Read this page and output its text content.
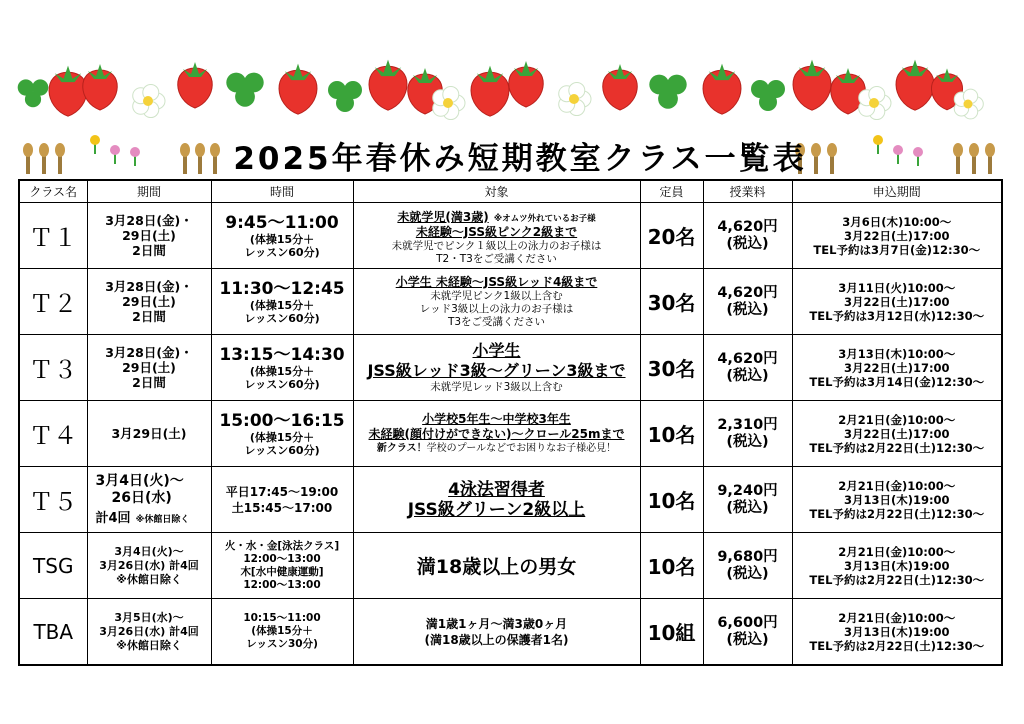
2025年春休み短期教室クラス一覧表
クラス名	期間	時間	対象	定員	授業料	申込期間
Ｔ１	3月28日(金)・
29日(土)
2日間	9:45～11:00
(体操15分＋
レッスン60分)	未就学児(満3歳) ※オムツ外れているお子様
未経験～JSS級ピンク2級まで
未就学児でピンク１級以上の泳力のお子様は
T2・T3をご受講ください	20名	4,620円
(税込)	3月6日(木)10:00～
3月22日(土)17:00
TEL予約は3月7日(金)12:30～

Ｔ２	3月28日(金)・
29日(土)
2日間	11:30～12:45
(体操15分＋
レッスン60分)	小学生 未経験～JSS級レッド4級まで
未就学児ピンク1級以上含む
レッド3級以上の泳力のお子様は
T3をご受講ください	30名	4,620円
(税込)	3月11日(火)10:00～
3月22日(土)17:00
TEL予約は3月12日(水)12:30～

Ｔ３	3月28日(金)・
29日(土)
2日間	13:15～14:30
(体操15分＋
レッスン60分)	小学生
JSS級レッド3級～グリーン3級まで
未就学児レッド3級以上含む	30名	4,620円
(税込)	3月13日(木)10:00～
3月22日(土)17:00
TEL予約は3月14日(金)12:30～

Ｔ４	3月29日(土)	15:00～16:15
(体操15分＋
レッスン60分)	小学校5年生～中学校3年生
未経験(顔付けができない)～クロール25mまで
新クラス！学校のプールなどでお困りなお子様必見！	10名	2,310円
(税込)	2月21日(金)10:00～
3月22日(土)17:00
TEL予約は2月22日(土)12:30～

Ｔ５	3月4日(火)～
26日(水)
計4回 ※休館日除く	平日17:45～19:00
土15:45～17:00	4泳法習得者
JSS級グリーン2級以上	10名	9,240円
(税込)	2月21日(金)10:00～
3月13日(木)19:00
TEL予約は2月22日(土)12:30～

TSG	3月4日(火)～
3月26日(水) 計4回
※休館日除く	火・水・金[泳法クラス]
12:00～13:00
木[水中健康運動]
12:00～13:00	満18歳以上の男女	10名	9,680円
(税込)	2月21日(金)10:00～
3月13日(木)19:00
TEL予約は2月22日(土)12:30～

TBA	3月5日(水)～
3月26日(水) 計4回
※休館日除く	10:15～11:00
(体操15分＋
レッスン30分)	満1歳1ヶ月～満3歳0ヶ月
(満18歳以上の保護者1名)	10組	6,600円
(税込)	2月21日(金)10:00～
3月13日(木)19:00
TEL予約は2月22日(土)12:30～
